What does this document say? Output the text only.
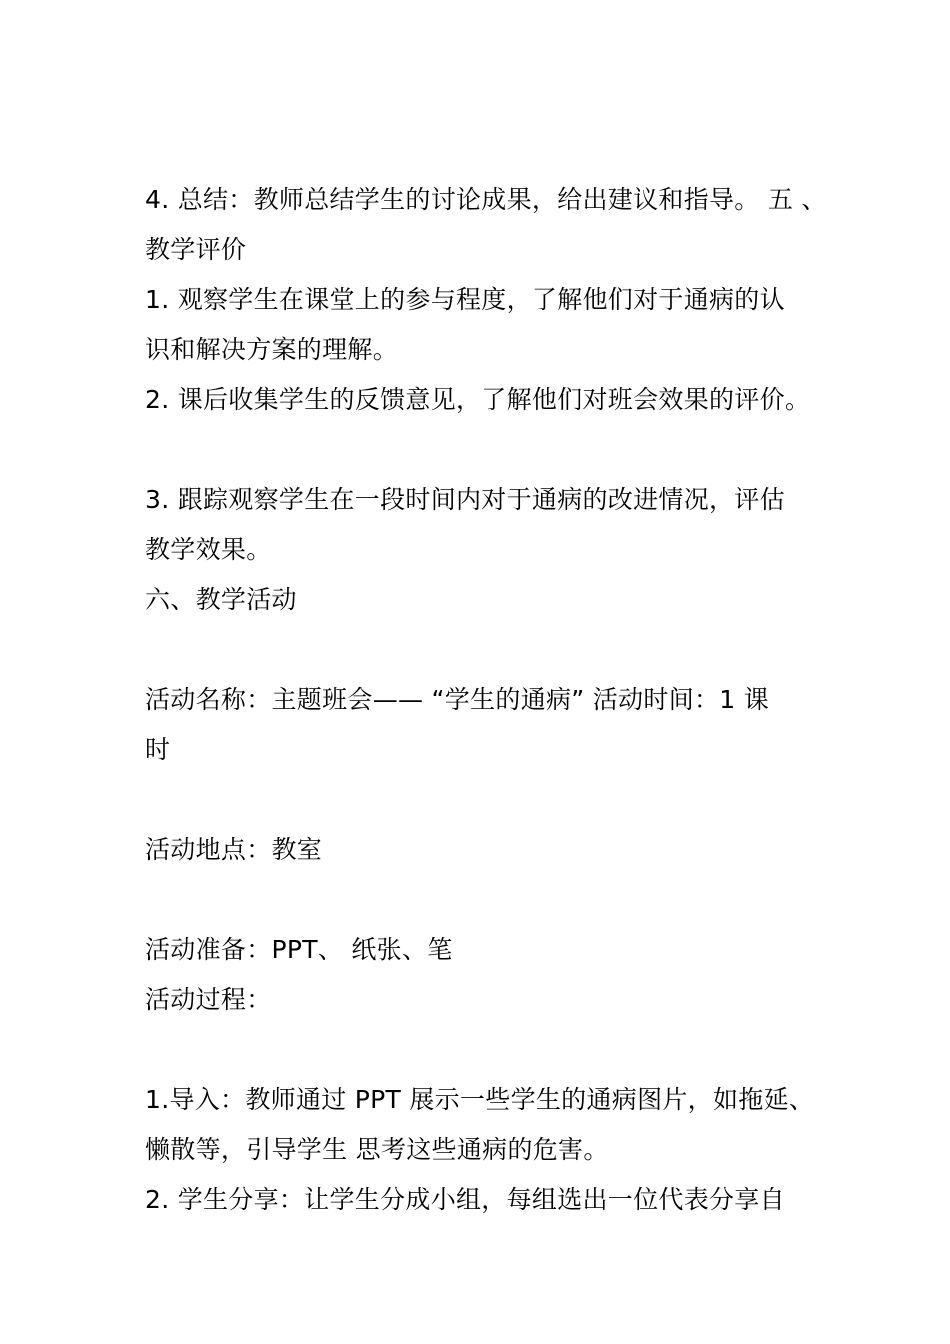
4. 总结：教师总结学生的讨论成果，给出建议和指导。 五 、
教学评价
1. 观察学生在课堂上的参与程度，了解他们对于通病的认
识和解决方案的理解。
2. 课后收集学生的反馈意见，了解他们对班会效果的评价。
3. 跟踪观察学生在一段时间内对于通病的改进情况，评估
教学效果。
六、教学活动
活动名称：主题班会—— “学生的通病” 活动时间：1 课
时
活动地点：教室
活动准备：PPT、 纸张、笔
活动过程：
1.导入：教师通过 PPT 展示一些学生的通病图片，如拖延、
懒散等，引导学生 思考这些通病的危害。
2. 学生分享：让学生分成小组，每组选出一位代表分享自
